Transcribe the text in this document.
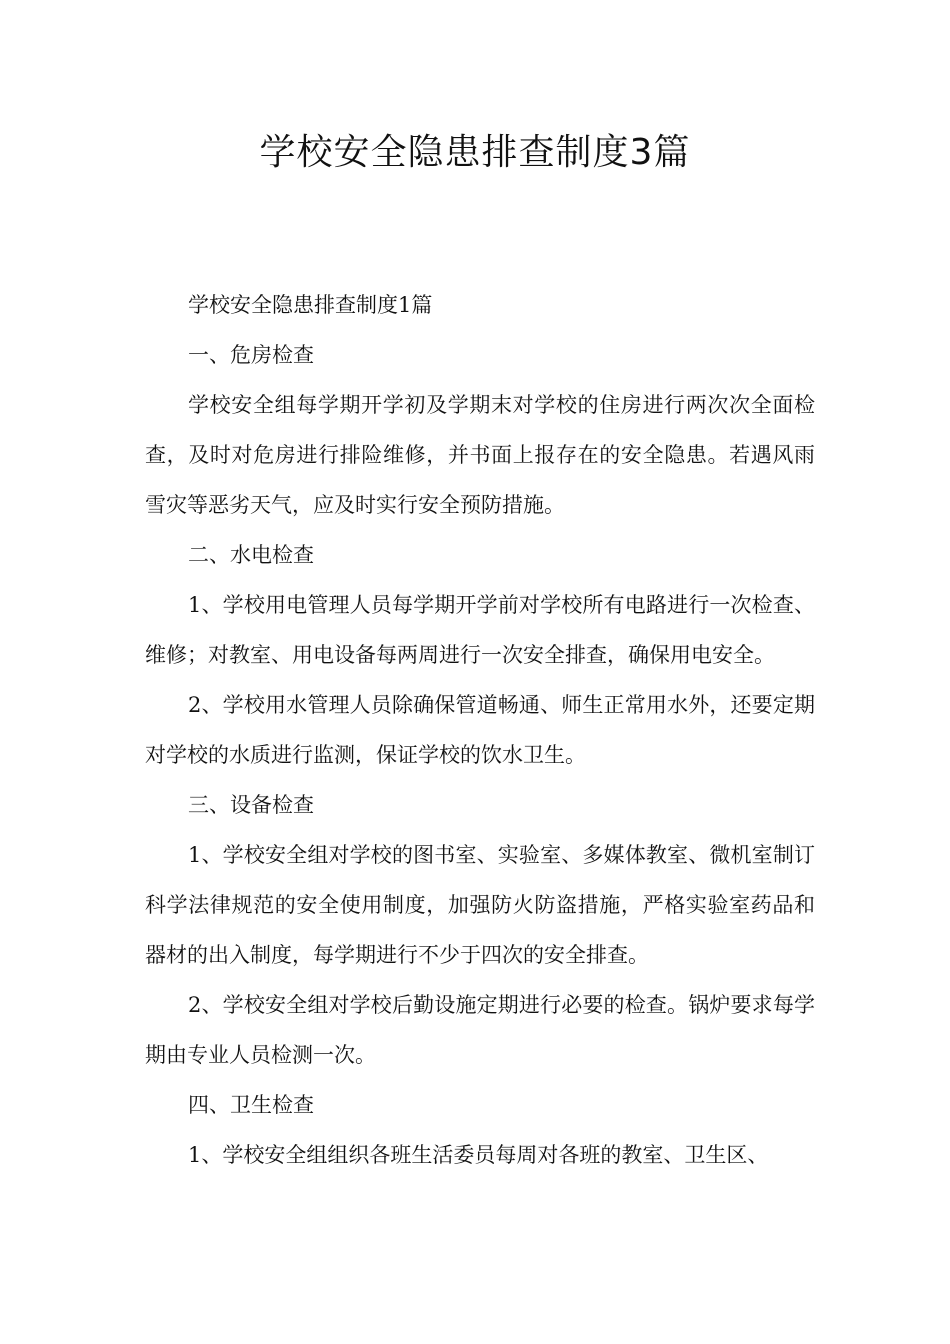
学校安全隐患排查制度3篇

学校安全隐患排查制度1篇

一、危房检查

学校安全组每学期开学初及学期末对学校的住房进行两次次全面检查，及时对危房进行排险维修，并书面上报存在的安全隐患。若遇风雨雪灾等恶劣天气，应及时实行安全预防措施。

二、水电检查

1、学校用电管理人员每学期开学前对学校所有电路进行一次检查、维修；对教室、用电设备每两周进行一次安全排查，确保用电安全。

2、学校用水管理人员除确保管道畅通、师生正常用水外，还要定期对学校的水质进行监测，保证学校的饮水卫生。

三、设备检查

1、学校安全组对学校的图书室、实验室、多媒体教室、微机室制订科学法律规范的安全使用制度，加强防火防盗措施，严格实验室药品和器材的出入制度，每学期进行不少于四次的安全排查。

2、学校安全组对学校后勤设施定期进行必要的检查。锅炉要求每学期由专业人员检测一次。

四、卫生检查

1、学校安全组组织各班生活委员每周对各班的教室、卫生区、
